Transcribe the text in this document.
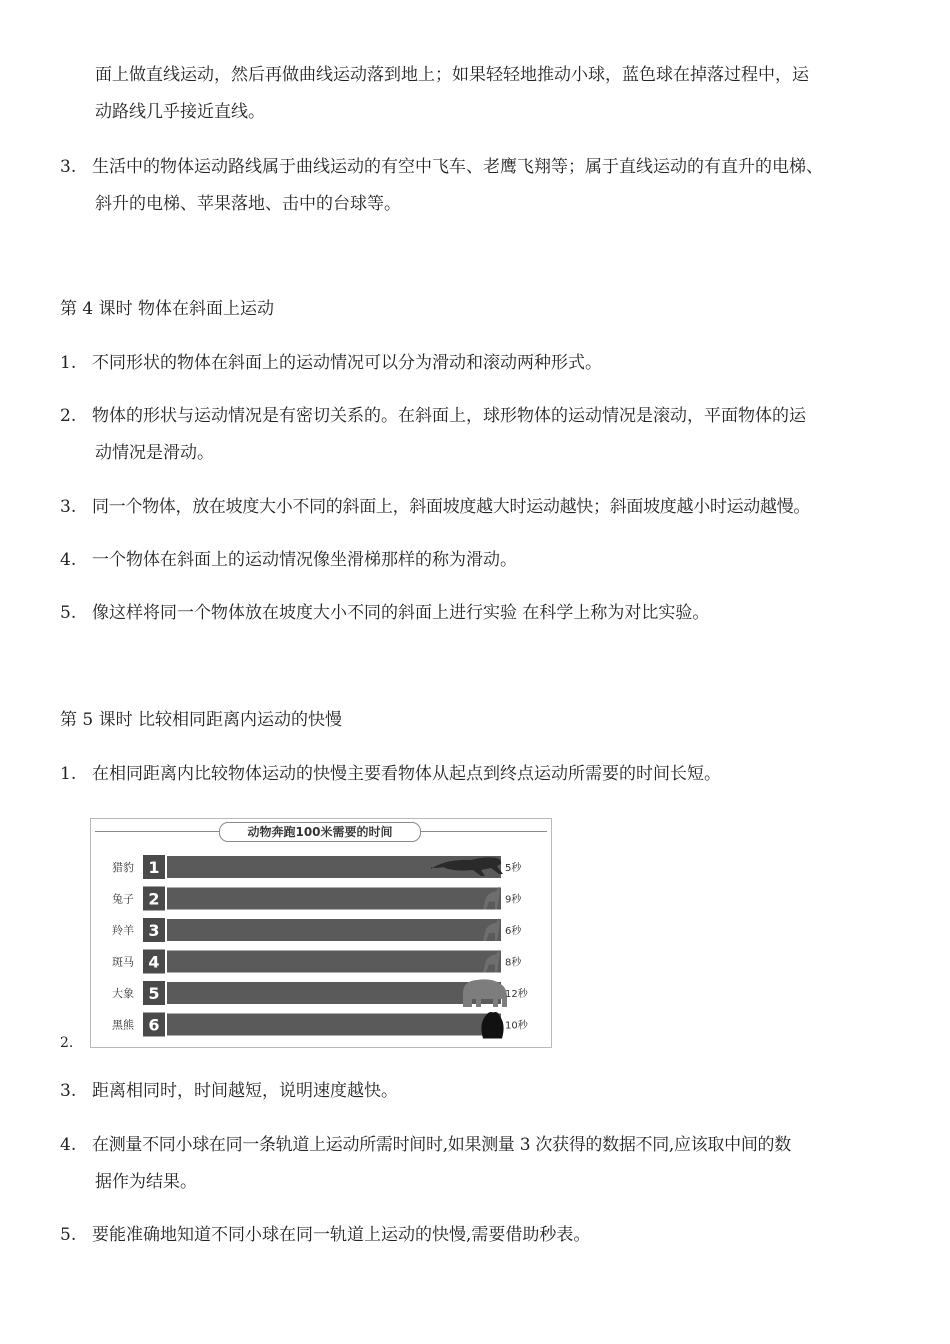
面上做直线运动，然后再做曲线运动落到地上；如果轻轻地推动小球，蓝色球在掉落过程中，运
动路线几乎接近直线。
3. 生活中的物体运动路线属于曲线运动的有空中飞车、老鹰飞翔等；属于直线运动的有直升的电梯、
斜升的电梯、苹果落地、击中的台球等。
第 4 课时 物体在斜面上运动
1. 不同形状的物体在斜面上的运动情况可以分为滑动和滚动两种形式。
2. 物体的形状与运动情况是有密切关系的。在斜面上，球形物体的运动情况是滚动，平面物体的运
动情况是滑动。
3. 同一个物体，放在坡度大小不同的斜面上，斜面坡度越大时运动越快；斜面坡度越小时运动越慢。
4. 一个物体在斜面上的运动情况像坐滑梯那样的称为滑动。
5. 像这样将同一个物体放在坡度大小不同的斜面上进行实验 在科学上称为对比实验。
第 5 课时 比较相同距离内运动的快慢
1. 在相同距离内比较物体运动的快慢主要看物体从起点到终点运动所需要的时间长短。
2.
猎豹 1	5秒
兔子 2	9秒
羚羊 3	6秒
斑马 4	8秒
大象 5	12秒
黑熊 6	10秒
动物奔跑100米需要的时间
3. 距离相同时，时间越短，说明速度越快。
4. 在测量不同小球在同一条轨道上运动所需时间时,如果测量 3 次获得的数据不同,应该取中间的数
据作为结果。
5. 要能准确地知道不同小球在同一轨道上运动的快慢,需要借助秒表。
